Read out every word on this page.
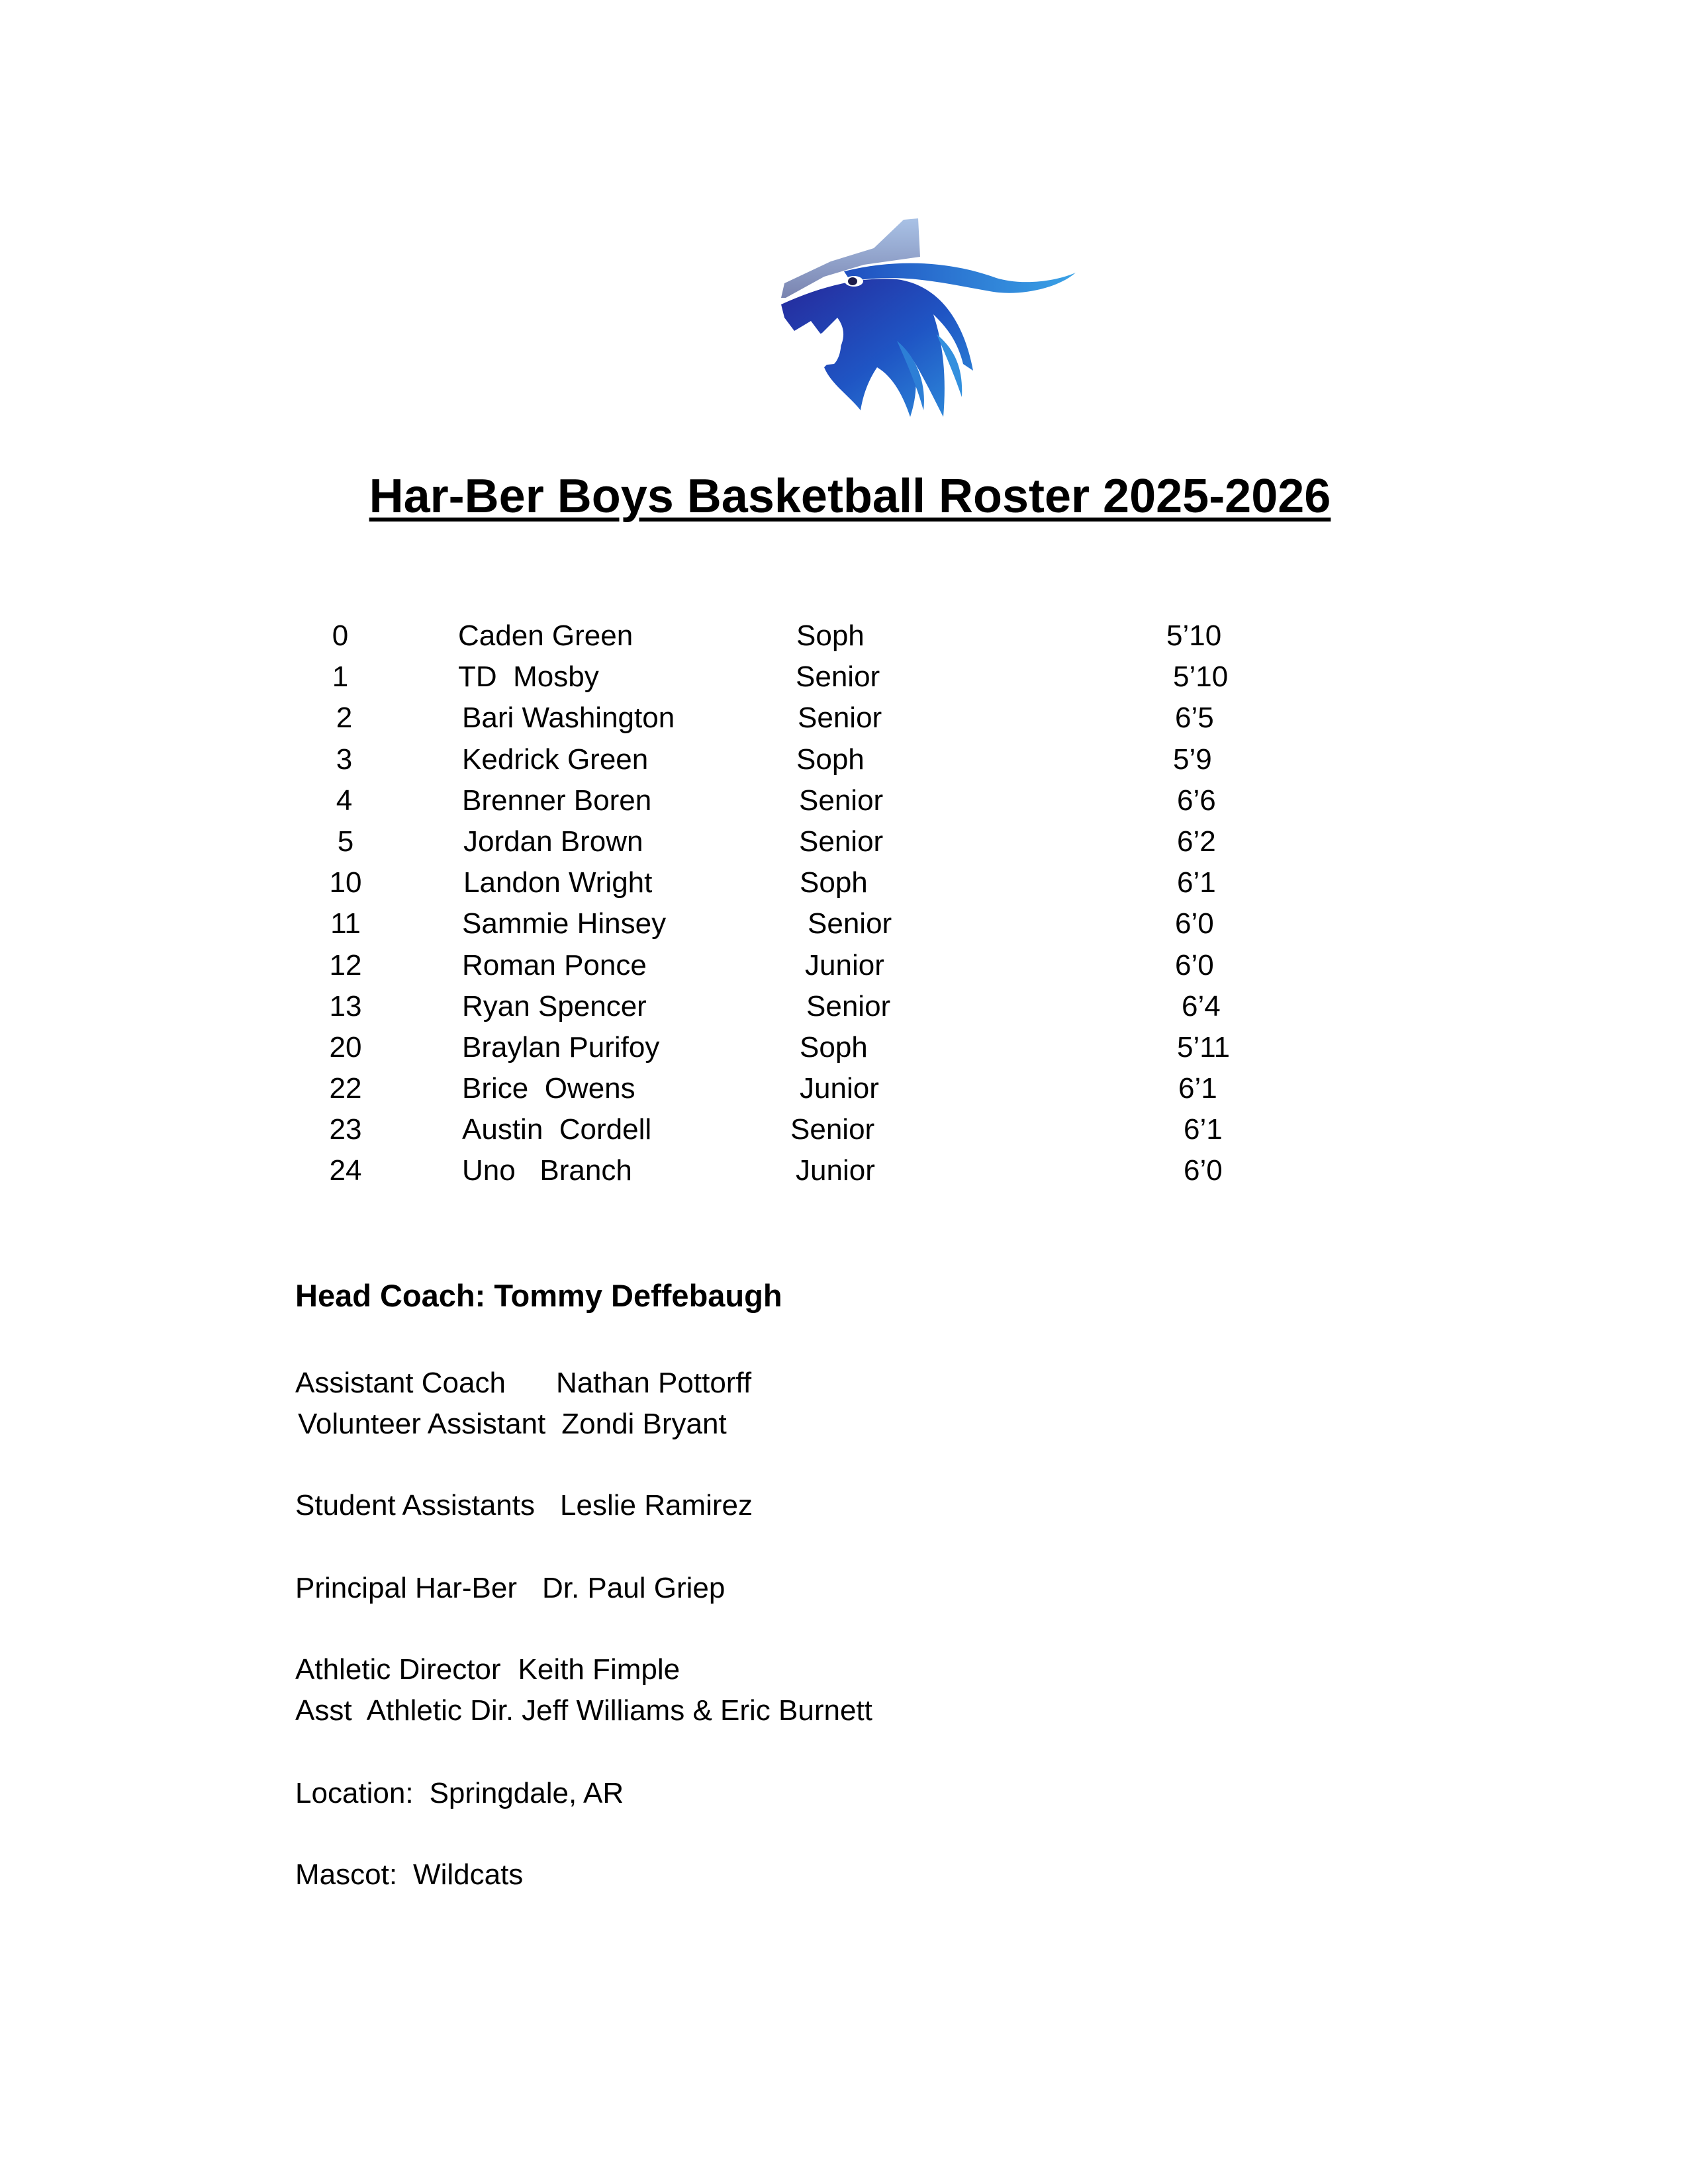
Har-Ber Boys Basketball Roster 2025-2026
0	Caden Green	Soph	5’10
1	TD  Mosby	Senior	5’10
2	Bari Washington	Senior	6’5
3	Kedrick Green	Soph	5’9
4	Brenner Boren	Senior	6’6
5	Jordan Brown	Senior	6’2
10	Landon Wright	Soph	6’1
11	Sammie Hinsey	Senior	6’0
12	Roman Ponce	Junior	6’0
13	Ryan Spencer	Senior	6’4
20	Braylan Purifoy	Soph	5’11
22	Brice  Owens	Junior	6’1
23	Austin  Cordell	Senior	6’1
24	Uno   Branch	Junior	6’0
Head Coach: Tommy Deffebaugh
Assistant Coach Nathan Pottorff
Volunteer Assistant Zondi Bryant
Student Assistants Leslie Ramirez
Principal Har-Ber Dr. Paul Griep
Athletic Director Keith Fimple
Asst  Athletic Dir. Jeff Williams & Eric Burnett
Location: Springdale, AR
Mascot: Wildcats
